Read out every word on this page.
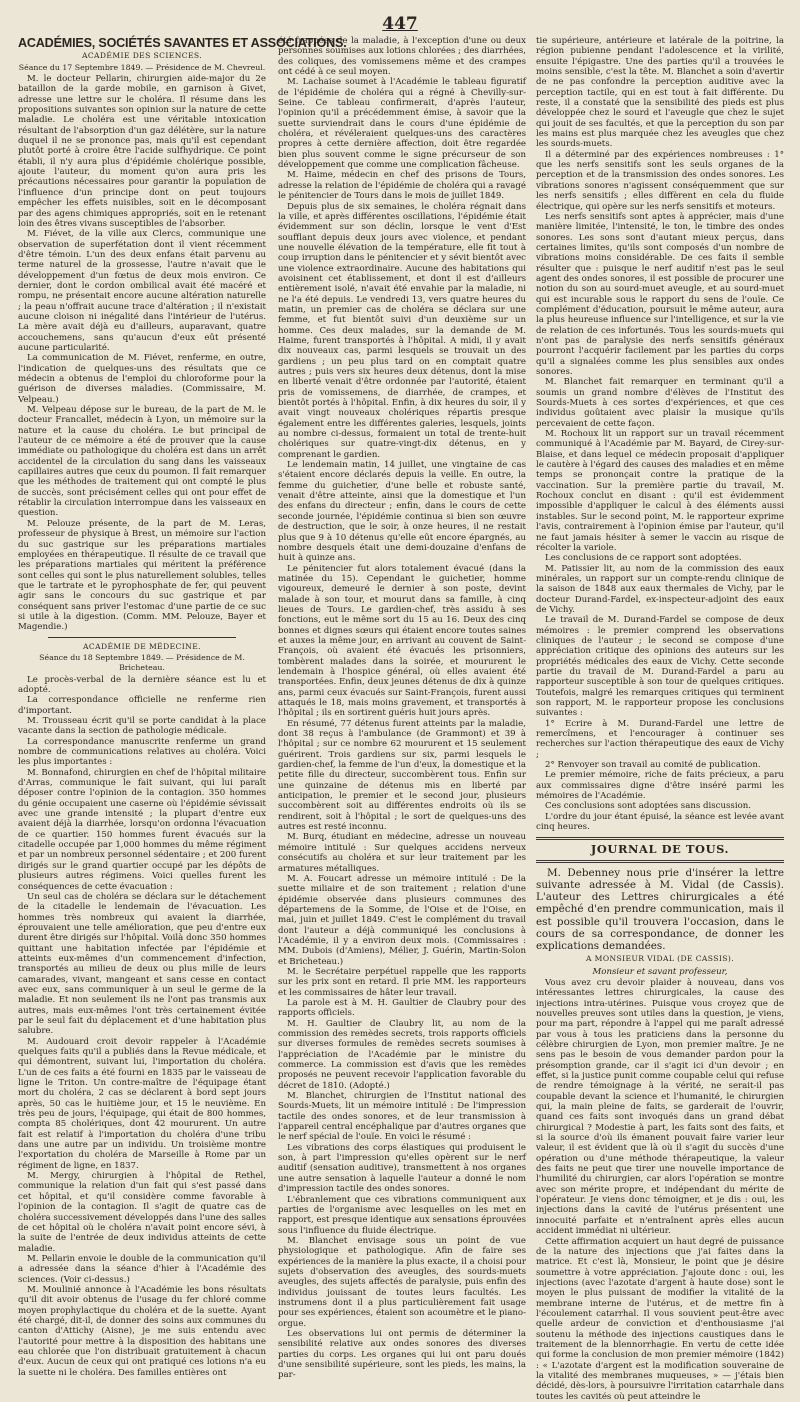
447
ACADÉMIES, SOCIÉTÉS SAVANTES ET ASSOCIATIONS.
ACADÉMIE DES SCIENCES.
Séance du 17 Septembre 1849. — Présidence de M. Chevreul.

M. le docteur Pellarin, chirurgien aide-major du 2e bataillon de la garde mobile, en garnison à Givet, adresse une lettre sur le choléra. Il résume dans les propositions suivantes son opinion sur la nature de cette maladie. Le choléra est une véritable intoxication résultant de l'absorption d'un gaz délétère, sur la nature duquel il ne se prononce pas, mais qu'il est cependant plutôt porté à croire être l'acide sulfhydrique. Ce point établi, il n'y aura plus d'épidémie cholérique possible, ajoute l'auteur, du moment qu'on aura pris les précautions nécessaires pour garantir la population de l'influence d'un principe dont on peut toujours empêcher les effets nuisibles, soit en le décomposant par des agens chimiques appropriés, soit en le retenant loin des êtres vivans susceptibles de l'absorber.

M. Fiévet, de la ville aux Clercs, communique une observation de superfétation dont il vient récemment d'être témoin. L'un des deux enfans était parvenu au terme naturel de la grossesse, l'autre n'avait que le développement d'un fœtus de deux mois environ. Ce dernier, dont le cordon ombilical avait été macéré et rompu, ne présentait encore aucune altération naturelle ; la peau n'offrait aucune trace d'altération ; il n'existait aucune cloison ni inégalité dans l'intérieur de l'utérus. La mère avait déjà eu d'ailleurs, auparavant, quatre accouchemens, sans qu'aucun d'eux eût présenté aucune particularité.

La communication de M. Fiévet, renferme, en outre, l'indication de quelques-uns des résultats que ce médecin a obtenus de l'emploi du chloroforme pour la guérison de diverses maladies. (Commissaire, M. Velpeau.)

M. Velpeau dépose sur le bureau, de la part de M. le docteur Francallet, médecin à Lyon, un mémoire sur la nature et la cause du choléra. Le but principal de l'auteur de ce mémoire a été de prouver que la cause immédiate ou pathologique du choléra est dans un arrêt accidentel de la circulation du sang dans les vaisseaux capillaires autres que ceux du poumon. Il fait remarquer que les méthodes de traitement qui ont compté le plus de succès, sont précisément celles qui ont pour effet de rétablir la circulation interrompue dans les vaisseaux en question.

M. Pelouze présente, de la part de M. Leras, professeur de physique à Brest, un mémoire sur l'action du suc gastrique sur les préparations martiales employées en thérapeutique. Il résulte de ce travail que les préparations martiales qui méritent la préférence sont celles qui sont le plus naturellement solubles, telles que le tartrate et le pyrophosphate de fer, qui peuvent agir sans le concours du suc gastrique et par conséquent sans priver l'estomac d'une partie de ce suc si utile à la digestion. (Comm. MM. Pelouze, Bayer et Magendie.)

ACADÉMIE DE MÉDECINE.
Séance du 18 Septembre 1849. — Présidence de M. Bricheteau.

Le procès-verbal de la dernière séance est lu et adopté.

La correspondance officielle ne renferme rien d'important.

M. Trousseau écrit qu'il se porte candidat à la place vacante dans la section de pathologie médicale.

La correspondance manuscrite renferme un grand nombre de communications relatives au choléra. Voici les plus importantes :

M. Bonnafond, chirurgien en chef de l'hôpital militaire d'Arras, communique le fait suivant, qui lui paraît déposer contre l'opinion de la contagion. 350 hommes du génie occupaient une caserne où l'épidémie sévissait avec une grande intensité ; la plupart d'entre eux avaient déjà la diarrhée, lorsqu'on ordonna l'évacuation de ce quartier. 150 hommes furent évacués sur la citadelle occupée par 1,000 hommes du même régiment et par un nombreux personnel sédentaire ; et 200 furent dirigés sur le grand quartier occupé par les dépôts de plusieurs autres régimens. Voici quelles furent les conséquences de cette évacuation :

Un seul cas de choléra se déclara sur le détachement de la citadelle le lendemain de l'évacuation. Les hommes très nombreux qui avaient la diarrhée, éprouvaient une telle amélioration, que peu d'entre eux durent être dirigés sur l'hôpital. Voilà donc 350 hommes quittant une habitation infectée par l'épidémie et atteints eux-mêmes d'un commencement d'infection, transportés au milieu de deux ou plus mille de leurs camarades, vivant, mangeant et sans cesse en contact avec eux, sans communiquer à un seul le germe de la maladie. Et non seulement ils ne l'ont pas transmis aux autres, mais eux-mêmes l'ont très certainement évitée par le seul fait du déplacement et d'une habitation plus salubre.

M. Audouard croit devoir rappeler à l'Académie quelques faits qu'il a publiés dans la Revue médicale, et qui démontrent, suivant lui, l'importation du choléra. L'un de ces faits a été fourni en 1835 par le vaisseau de ligne le Triton. Un contre-maître de l'équipage étant mort du choléra, 2 cas se déclarent à bord sept jours après, 50 cas le huitième jour, et 15 le neuvième. En très peu de jours, l'équipage, qui était de 800 hommes, compta 85 cholériques, dont 42 moururent. Un autre fait est relatif à l'importation du choléra d'une tribu dans une autre par un individu. Un troisième montre l'exportation du choléra de Marseille à Rome par un régiment de ligne, en 1837.

M. Mergy, chirurgien à l'hôpital de Rethel, communique la relation d'un fait qui s'est passé dans cet hôpital, et qu'il considère comme favorable à l'opinion de la contagion. Il s'agit de quatre cas de choléra successivement développés dans l'une des salles de cet hôpital où le choléra n'avait point encore sévi, à la suite de l'entrée de deux individus atteints de cette maladie.

M. Pellarin envoie le double de la communication qu'il a adressée dans la séance d'hier à l'Académie des sciences. (Voir ci-dessus.)

M. Moulinié annonce à l'Académie les bons résultats qu'il dit avoir obtenus de l'usage du fer chloré comme moyen prophylactique du choléra et de la suette. Ayant été chargé, dit-il, de donner des soins aux communes du canton d'Attichy (Aisne), je me suis entendu avec l'autorité pour mettre à la disposition des habitans une eau chlorée que l'on distribuait gratuitement à chacun d'eux. Aucun de ceux qui ont pratiqué ces lotions n'a eu la suette ni le choléra. Des familles entières ont

été frappées de la maladie, à l'exception d'une ou deux personnes soumises aux lotions chlorées ; des diarrhées, des coliques, des vomissemens même et des crampes ont cédé à ce seul moyen.

M. Lachaise soumet à l'Académie le tableau figuratif de l'épidémie de choléra qui a régné à Chevilly-sur-Seine. Ce tableau confirmerait, d'après l'auteur, l'opinion qu'il a précédemment émise, à savoir que la suette surviendrait dans le cours d'une épidémie de choléra, et révéleraient quelques-uns des caractères propres à cette dernière affection, doit être regardée bien plus souvent comme le signe précurseur de son développement que comme une complication fâcheuse.

M. Haime, médecin en chef des prisons de Tours, adresse la relation de l'épidémie de choléra qui a ravagé le pénitencier de Tours dans le mois de juillet 1849.

Depuis plus de six semaines, le choléra régnait dans la ville, et après différentes oscillations, l'épidémie était évidemment sur son déclin, lorsque le vent d'Est soufflant depuis deux jours avec violence, et pendant une nouvelle élévation de la température, elle fit tout à coup irruption dans le pénitencier et y sévit bientôt avec une violence extraordinaire. Aucune des habitations qui avoisinent cet établissement, et dont il est d'ailleurs entièrement isolé, n'avait été envahie par la maladie, ni ne l'a été depuis. Le vendredi 13, vers quatre heures du matin, un premier cas de choléra se déclara sur une femme, et fut bientôt suivi d'un deuxième sur un homme. Ces deux malades, sur la demande de M. Haime, furent transportés à l'hôpital. A midi, il y avait dix nouveaux cas, parmi lesquels se trouvait un des gardiens ; un peu plus tard on en comptait quatre autres ; puis vers six heures deux détenus, dont la mise en liberté venait d'être ordonnée par l'autorité, étaient pris de vomissemens, de diarrhée, de crampes, et bientôt portés à l'hôpital. Enfin, à dix heures du soir, il y avait vingt nouveaux cholériques répartis presque également entre les différentes galeries, lesquels, joints au nombre ci-dessus, formaient un total de trente-huit cholériques sur quatre-vingt-dix détenus, en y comprenant le gardien.

Le lendemain matin, 14 juillet, une vingtaine de cas s'étaient encore déclarés depuis la veille. En outre, la femme du guichetier, d'une belle et robuste santé, venait d'être atteinte, ainsi que la domestique et l'un des enfans du directeur ; enfin, dans le cours de cette seconde journée, l'épidémie continua si bien son œuvre de destruction, que le soir, à onze heures, il ne restait plus que 9 à 10 détenus qu'elle eût encore épargnés, au nombre desquels était une demi-douzaine d'enfans de huit à quinze ans.

Le pénitencier fut alors totalement évacué (dans la matinée du 15). Cependant le guichetier, homme vigoureux, demeuré le dernier à son poste, devint malade à son tour, et mourut dans sa famille, à cinq lieues de Tours. Le gardien-chef, très assidu à ses fonctions, eut le même sort du 15 au 16. Deux des cinq bonnes et dignes sœurs qui étaient encore toutes saines et auxes la même jour, en arrivant au couvent de Saint-François, où avaient été évacués les prisonniers, tombèrent malades dans la soirée, et moururent le lendemain à l'hospice général, où elles avaient été transportées. Enfin, deux jeunes détenus de dix à quinze ans, parmi ceux évacués sur Saint-François, furent aussi attaqués le 18, mais moins gravement, et transportés à l'hôpital ; ils en sortirent guéris huit jours après.

En résumé, 77 détenus furent atteints par la maladie, dont 38 reçus à l'ambulance (de Grammont) et 39 à l'hôpital ; sur ce nombre 62 moururent et 15 seulement guérirent. Trois gardiens sur six, parmi lesquels le gardien-chef, la femme de l'un d'eux, la domestique et la petite fille du directeur, succombèrent tous. Enfin sur une quinzaine de détenus mis en liberté par anticipation, le premier et le second jour, plusieurs succombèrent soit au différentes endroits où ils se rendirent, soit à l'hôpital ; le sort de quelques-uns des autres est resté inconnu.

M. Burq, étudiant en médecine, adresse un nouveau mémoire intitulé : Sur quelques accidens nerveux consécutifs au choléra et sur leur traitement par les armatures métalliques.

M. A. Foucart adresse un mémoire intitulé : De la suette miliaire et de son traitement ; relation d'une épidémie observée dans plusieurs communes des départemens de la Somme, de l'Oise et de l'Oise, en mai, juin et juillet 1849. C'est le complément du travail dont l'auteur a déjà communiqué les conclusions à l'Académie, il y a environ deux mois. (Commissaires : MM. Dubois (d'Amiens), Mélier, J. Guérin, Martin-Solon et Bricheteau.)

M. le Secrétaire perpétuel rappelle que les rapports sur les prix sont en retard. Il prie MM. les rapporteurs et les commissaires de hâter leur travail.

La parole est à M. H. Gaultier de Claubry pour des rapports officiels.

M. H. Gaultier de Claubry lit, au nom de la commission des remèdes secrets, trois rapports officiels sur diverses formules de remèdes secrets soumises à l'appréciation de l'Académie par le ministre du commerce. La commission est d'avis que les remèdes proposés ne peuvent recevoir l'application favorable du décret de 1810. (Adopté.)

M. Blanchet, chirurgien de l'Institut national des Sourds-Muets, lit un mémoire intitulé : De l'impression tactile des ondes sonores, et de leur transmission à l'appareil central encéphalique par d'autres organes que le nerf spécial de l'ouïe. En voici le résumé :

Les vibrations des corps élastiques qui produisent le son, à part l'impression qu'elles opèrent sur le nerf auditif (sensation auditive), transmettent à nos organes une autre sensation à laquelle l'auteur a donné le nom d'impression tactile des ondes sonores.

L'ébranlement que ces vibrations communiquent aux parties de l'organisme avec lesquelles on les met en rapport, est presque identique aux sensations éprouvées sous l'influence du fluide électrique.

M. Blanchet envisage sous un point de vue physiologique et pathologique. Afin de faire ses expériences de la manière la plus exacte, il a choisi pour sujets d'observation des aveugles, des sourds-muets aveugles, des sujets affectés de paralysie, puis enfin des individus jouissant de toutes leurs facultés. Les instrumens dont il a plus particulièrement fait usage pour ses expériences, étaient son acoumètre et le piano-orgue.

Les observations lui ont permis de déterminer la sensibilité relative aux ondes sonores des diverses parties du corps. Les organes qui lui ont paru doués d'une sensibilité supérieure, sont les pieds, les mains, la par-

tie supérieure, antérieure et latérale de la poitrine, la région pubienne pendant l'adolescence et la virilité, ensuite l'épigastre. Une des parties qu'il a trouvées le moins sensible, c'est la tête. M. Blanchet a soin d'avertir de ne pas confondre la perception auditive avec la perception tactile, qui en est tout à fait différente. Du reste, il a constaté que la sensibilité des pieds est plus développée chez le sourd et l'aveugle que chez le sujet qui jouit de ses facultés, et que la perception du son par les mains est plus marquée chez les aveugles que chez les sourds-muets.

Il a déterminé par des expériences nombreuses : 1° que les nerfs sensitifs sont les seuls organes de la perception et de la transmission des ondes sonores. Les vibrations sonores n'agissent conséquemment que sur les nerfs sensitifs ; elles diffèrent en cela du fluide électrique, qui opère sur les nerfs sensitifs et moteurs.

Les nerfs sensitifs sont aptes à apprécier, mais d'une manière limitée, l'intensité, le ton, le timbre des ondes sonores. Les sons sont d'autant mieux perçus, dans certaines limites, qu'ils sont composés d'un nombre de vibrations moins considérable. De ces faits il semble résulter que : puisque le nerf auditif n'est pas le seul agent des ondes sonores, il est possible de procurer une notion du son au sourd-muet aveugle, et au sourd-muet qui est incurable sous le rapport du sens de l'ouïe. Ce complément d'éducation, poursuit le même auteur, aura la plus heureuse influence sur l'intelligence, et sur la vie de relation de ces infortunés. Tous les sourds-muets qui n'ont pas de paralysie des nerfs sensitifs généraux pourront l'acquérir facilement par les parties du corps qu'il a signalées comme les plus sensibles aux ondes sonores.

M. Blanchet fait remarquer en terminant qu'il a soumis un grand nombre d'élèves de l'Institut des Sourds-Muets à ces sortes d'expériences, et que ces individus goûtaient avec plaisir la musique qu'ils percevaient de cette façon.

M. Rochoux lit un rapport sur un travail récemment communiqué à l'Académie par M. Bayard, de Cirey-sur-Blaise, et dans lequel ce médecin proposait d'appliquer le cautère à l'égard des causes des maladies et en même temps se prononçait contre la pratique de la vaccination. Sur la première partie du travail, M. Rochoux conclut en disant : qu'il est évidemment impossible d'appliquer le calcul à des éléments aussi instables. Sur le second point, M. le rapporteur exprime l'avis, contrairement à l'opinion émise par l'auteur, qu'il ne faut jamais hésiter à semer le vaccin au risque de récolter la variole.

Les conclusions de ce rapport sont adoptées.

M. Patissier lit, au nom de la commission des eaux minérales, un rapport sur un compte-rendu clinique de la saison de 1848 aux eaux thermales de Vichy, par le docteur Durand-Fardel, ex-inspecteur-adjoint des eaux de Vichy.

Le travail de M. Durand-Fardel se compose de deux mémoires : le premier comprend les observations cliniques de l'auteur ; le second se compose d'une appréciation critique des opinions des auteurs sur les propriétés médicales des eaux de Vichy. Cette seconde partie du travail de M. Durand-Fardel a paru au rapporteur susceptible à son tour de quelques critiques. Toutefois, malgré les remarques critiques qui terminent son rapport, M. le rapporteur propose les conclusions suivantes :

1° Ecrire à M. Durand-Fardel une lettre de remercîmens, et l'encourager à continuer ses recherches sur l'action thérapeutique des eaux de Vichy ;

2° Renvoyer son travail au comité de publication.

Le premier mémoire, riche de faits précieux, a paru aux commissaires digne d'être inséré parmi les mémoires de l'Académie.

Ces conclusions sont adoptées sans discussion.

L'ordre du jour étant épuisé, la séance est levée avant cinq heures.

JOURNAL DE TOUS.

M. Debenney nous prie d'insérer la lettre suivante adressée à M. Vidal (de Cassis). L'auteur des Lettres chirurgicales a été empêché d'en prendre communication, mais il est possible qu'il trouvera l'occasion, dans le cours de sa correspondance, de donner les explications demandées.

A MONSIEUR VIDAL (DE CASSIS).
Monsieur et savant professeur,

Vous avez cru devoir plaider à nouveau, dans vos intéressantes lettres chirurgicales, la cause des injections intra-utérines. Puisque vous croyez que de nouvelles preuves sont utiles dans la question, je viens, pour ma part, répondre à l'appel qui me paraît adressé par vous à tous les praticiens dans la personne du célèbre chirurgien de Lyon, mon premier maître. Je ne sens pas le besoin de vous demander pardon pour la présomption grande, car il s'agit ici d'un devoir ; en effet, si la justice punit comme coupable celui qui refuse de rendre témoignage à la vérité, ne serait-il pas coupable devant la science et l'humanité, le chirurgien qui, la main pleine de faits, se garderait de l'ouvrir, quand ces faits sont invoqués dans un grand débat chirurgical ? Modestie à part, les faits sont des faits, et si la source d'où ils émanent pouvait faire varier leur valeur, il est évident que là où il s'agit du succès d'une opération ou d'une méthode thérapeutique, la valeur des faits ne peut que tirer une nouvelle importance de l'humilité du chirurgien, car alors l'opération se montre avec son mérite propre, et indépendant du mérite de l'opérateur. Je viens donc témoigner, et je dis : oui, les injections dans la cavité de l'utérus présentent une innocuité parfaite et n'entraînent après elles aucun accident immédiat ni ultérieur.

Cette affirmation acquiert un haut degré de puissance de la nature des injections que j'ai faites dans la matrice. Et c'est là, Monsieur, le point que je désire soumettre à votre appréciation. J'ajoute donc : oui, les injections (avec l'azotate d'argent à haute dose) sont le moyen le plus puissant de modifier la vitalité de la membrane interne de l'utérus, et de mettre fin à l'écoulement catarrhal. Il vous souvient peut-être avec quelle ardeur de conviction et d'enthousiasme j'ai soutenu la méthode des injections caustiques dans le traitement de la blennorrhagie. En vertu de cette idée qui forme la conclusion de mon premier mémoire (1842) : « L'azotate d'argent est la modification souveraine de la vitalité des membranes muqueuses, » — j'étais bien décidé, dès-lors, à poursuivre l'irritation catarrhale dans toutes les cavités où peut atteindre le
